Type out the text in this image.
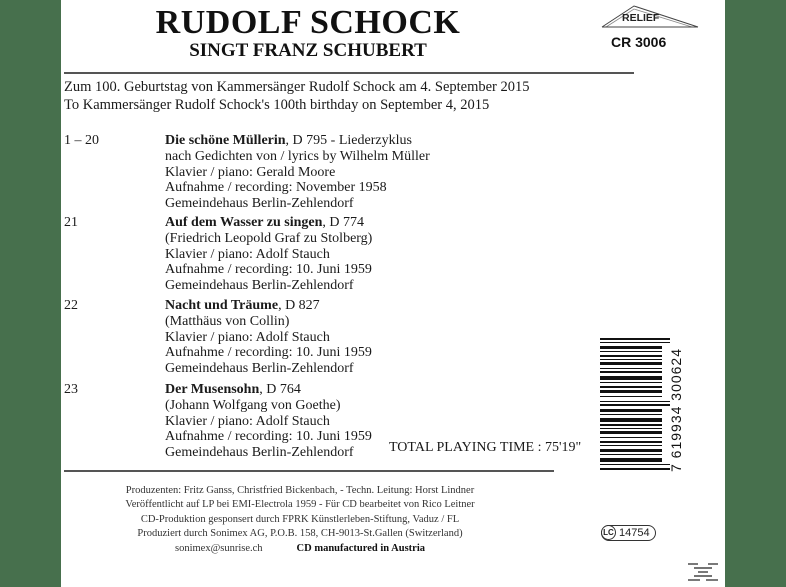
RUDOLF SCHOCK
SINGT FRANZ SCHUBERT
RELIEF
CR 3006
Zum 100. Geburtstag von Kammersänger Rudolf Schock am 4. September 2015
To Kammersänger Rudolf Schock's 100th birthday on September 4, 2015
1 – 20	Die schöne Müllerin, D 795 - Liederzyklus
nach Gedichten von / lyrics by Wilhelm Müller
Klavier / piano: Gerald Moore
Aufnahme / recording: November 1958
Gemeindehaus Berlin-Zehlendorf
21	Auf dem Wasser zu singen, D 774
(Friedrich Leopold Graf zu Stolberg)
Klavier / piano: Adolf Stauch
Aufnahme / recording: 10. Juni 1959
Gemeindehaus Berlin-Zehlendorf
22	Nacht und Träume, D 827
(Matthäus von Collin)
Klavier / piano: Adolf Stauch
Aufnahme / recording: 10. Juni 1959
Gemeindehaus Berlin-Zehlendorf
23	Der Musensohn, D 764
(Johann Wolfgang von Goethe)
Klavier / piano: Adolf Stauch
Aufnahme / recording: 10. Juni 1959
Gemeindehaus Berlin-Zehlendorf	TOTAL PLAYING TIME : 75'19"
Produzenten: Fritz Ganss, Christfried Bickenbach, - Techn. Leitung: Horst Lindner
Veröffentlicht auf LP bei EMI-Electrola 1959 - Für CD bearbeitet von Rico Leitner
CD-Produktion gesponsert durch FPRK Künstlerleben-Stiftung, Vaduz / FL
Produziert durch Sonimex AG, P.O.B. 158, CH-9013-St.Gallen (Switzerland)
sonimex@sunrise.ch	CD manufactured in Austria
7 619934 300624
LC 14754
